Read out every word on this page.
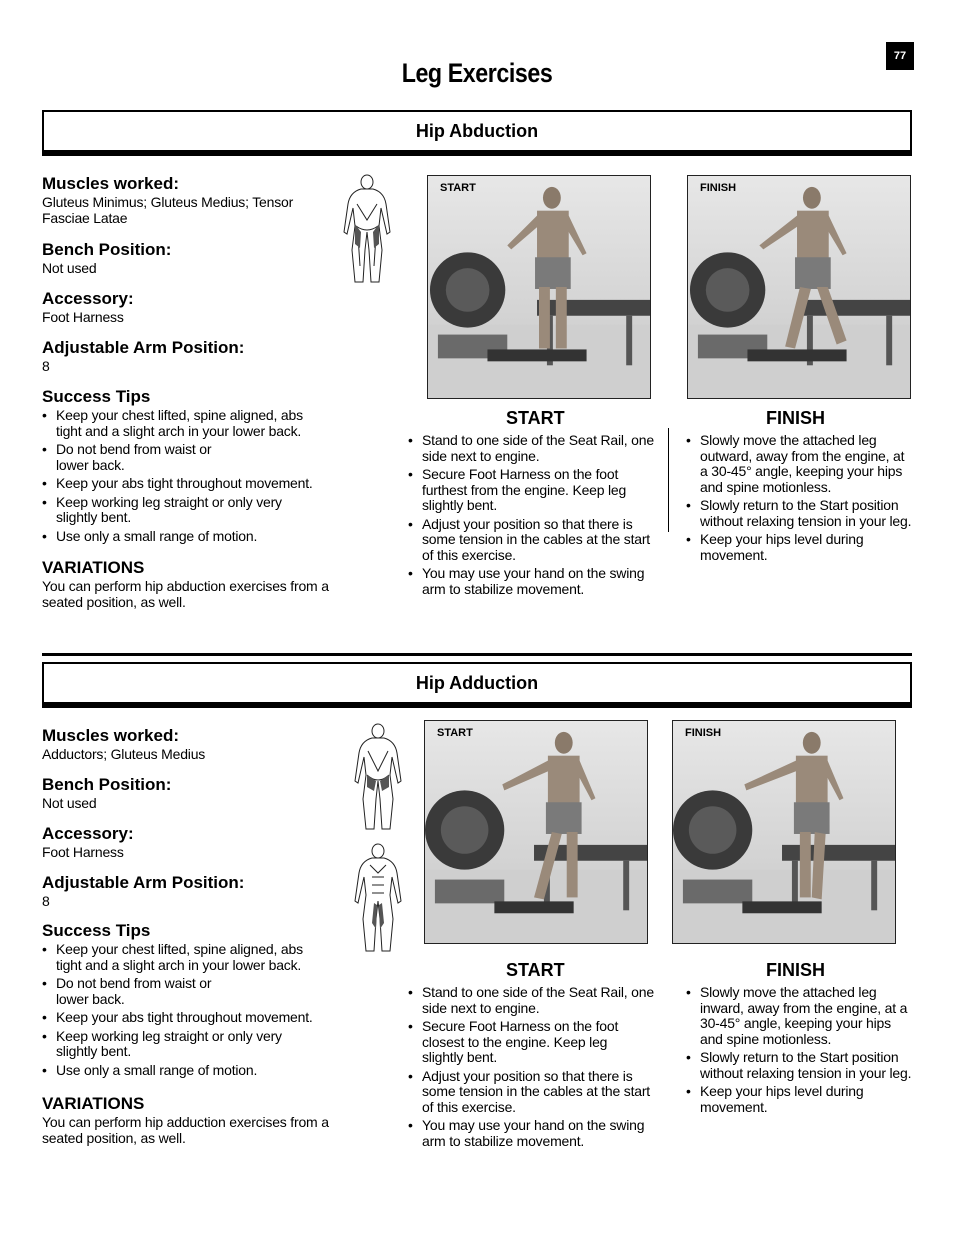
77
Leg Exercises
Hip Abduction
Muscles worked:
Gluteus Minimus; Gluteus Medius; Tensor Fasciae Latae
Bench Position:
Not used
Accessory:
Foot Harness
Adjustable Arm Position:
8
Success Tips
• Keep your chest lifted, spine aligned, abs tight and a slight arch in your lower back.
• Do not bend from waist or lower back.
• Keep your abs tight throughout movement.
• Keep working leg straight or only very slightly bent.
• Use only a small range of motion.
VARIATIONS
You can perform hip abduction exercises from a seated position, as well.
START	FINISH
START
• Stand to one side of the Seat Rail, one side next to engine.
• Secure Foot Harness on the foot furthest from the engine. Keep leg slightly bent.
• Adjust your position so that there is some tension in the cables at the start of this exercise.
• You may use your hand on the swing arm to stabilize movement.
FINISH
• Slowly move the attached leg outward, away from the engine, at a 30-45° angle, keeping your hips and spine motionless.
• Slowly return to the Start position without relaxing tension in your leg.
• Keep your hips level during movement.
Hip Adduction
Muscles worked:
Adductors; Gluteus Medius
Bench Position:
Not used
Accessory:
Foot Harness
Adjustable Arm Position:
8
Success Tips
• Keep your chest lifted, spine aligned, abs tight and a slight arch in your lower back.
• Do not bend from waist or lower back.
• Keep your abs tight throughout movement.
• Keep working leg straight or only very slightly bent.
• Use only a small range of motion.
VARIATIONS
You can perform hip adduction exercises from a seated position, as well.
START	FINISH
START
• Stand to one side of the Seat Rail, one side next to engine.
• Secure Foot Harness on the foot closest to the engine. Keep leg slightly bent.
• Adjust your position so that there is some tension in the cables at the start of this exercise.
• You may use your hand on the swing arm to stabilize movement.
FINISH
• Slowly move the attached leg inward, away from the engine, at a 30-45° angle, keeping your hips and spine motionless.
• Slowly return to the Start position without relaxing tension in your leg.
• Keep your hips level during movement.
